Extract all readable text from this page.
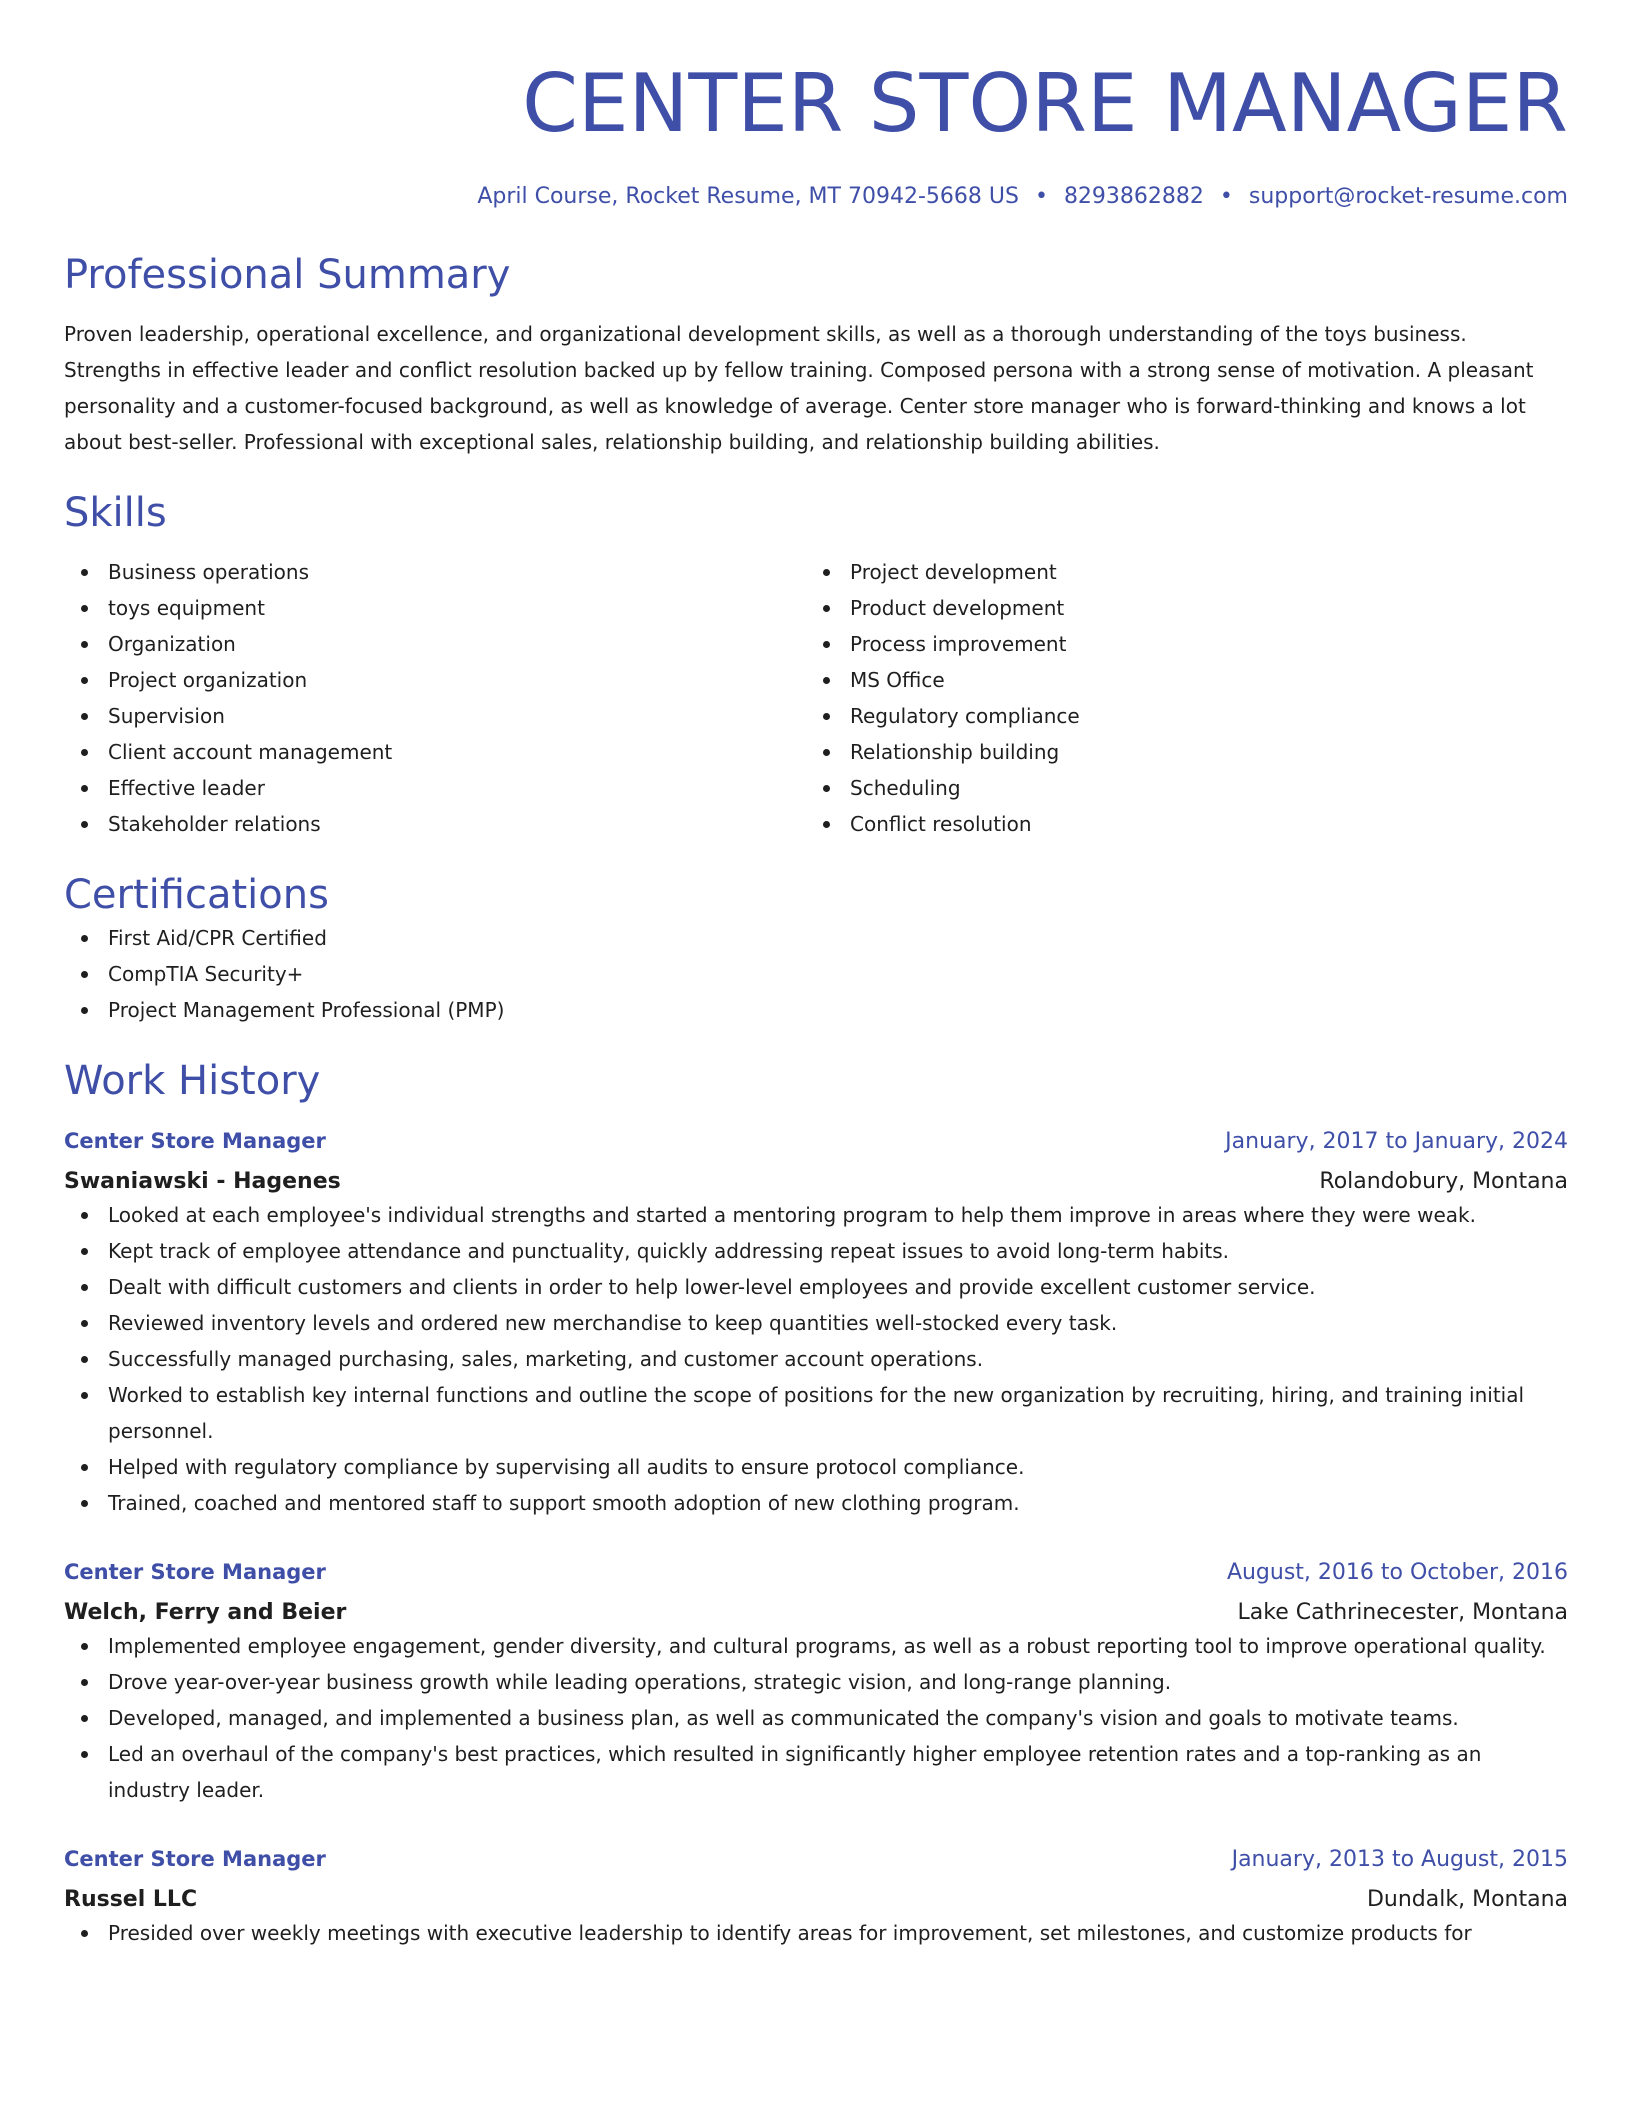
CENTER STORE MANAGER
April Course, Rocket Resume, MT 70942-5668 US • 8293862882 • support@rocket-resume.com
Professional Summary

Proven leadership, operational excellence, and organizational development skills, as well as a thorough understanding of the toys business. Strengths in effective leader and conflict resolution backed up by fellow training. Composed persona with a strong sense of motivation. A pleasant personality and a customer-focused background, as well as knowledge of average. Center store manager who is forward-thinking and knows a lot about best-seller. Professional with exceptional sales, relationship building, and relationship building abilities.

Skills
Business operations
toys equipment
Organization
Project organization
Supervision
Client account management
Effective leader
Stakeholder relations
Project development
Product development
Process improvement
MS Office
Regulatory compliance
Relationship building
Scheduling
Conflict resolution
Certifications
First Aid/CPR Certified
CompTIA Security+
Project Management Professional (PMP)
Work History
Center Store Manager	January, 2017 to January, 2024
Swaniawski - Hagenes	Rolandobury, Montana
Looked at each employee's individual strengths and started a mentoring program to help them improve in areas where they were weak.
Kept track of employee attendance and punctuality, quickly addressing repeat issues to avoid long-term habits.
Dealt with difficult customers and clients in order to help lower-level employees and provide excellent customer service.
Reviewed inventory levels and ordered new merchandise to keep quantities well-stocked every task.
Successfully managed purchasing, sales, marketing, and customer account operations.
Worked to establish key internal functions and outline the scope of positions for the new organization by recruiting, hiring, and training initial personnel.
Helped with regulatory compliance by supervising all audits to ensure protocol compliance.
Trained, coached and mentored staff to support smooth adoption of new clothing program.
Center Store Manager	August, 2016 to October, 2016
Welch, Ferry and Beier	Lake Cathrinecester, Montana
Implemented employee engagement, gender diversity, and cultural programs, as well as a robust reporting tool to improve operational quality.
Drove year-over-year business growth while leading operations, strategic vision, and long-range planning.
Developed, managed, and implemented a business plan, as well as communicated the company's vision and goals to motivate teams.
Led an overhaul of the company's best practices, which resulted in significantly higher employee retention rates and a top-ranking as an industry leader.
Center Store Manager	January, 2013 to August, 2015
Russel LLC	Dundalk, Montana
Presided over weekly meetings with executive leadership to identify areas for improvement, set milestones, and customize products for
